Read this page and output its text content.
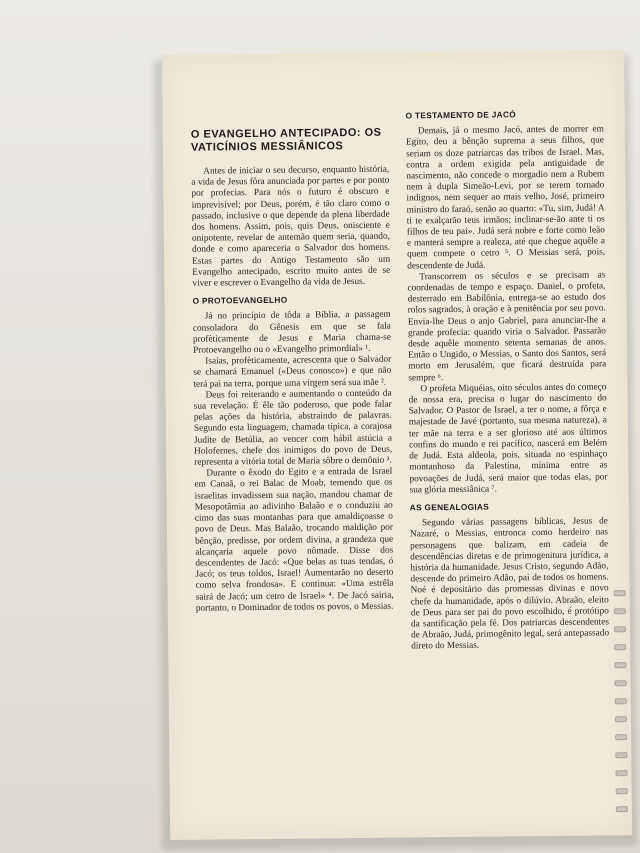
O EVANGELHO ANTECIPADO: OS VATICÍNIOS MESSIÂNICOS

Antes de iniciar o seu decurso, enquanto história, a vida de Jesus fôra anunciada por partes e por ponto por profecias. Para nós o futuro é obscuro e imprevisível; por Deus, porém, é tão claro como o passado, inclusive o que depende da plena liberdade dos homens. Assim, pois, quis Deus, onisciente e onipotente, revelar de antemão quem seria, quando, donde e como apareceria o Salvador dos homens. Estas partes do Antigo Testamento são um Evangelho antecipado, escrito muito antes de se viver e escrever o Evangelho da vida de Jesus.

O PROTOEVANGELHO

Já no princípio de tôda a Bíblia, a passagem consoladora do Gênesis em que se fala profèticamente de Jesus e Maria chama-se Protoevangelho ou o «Evangelho primordial» ¹.

Isaías, profèticamente, acrescenta que o Salvador se chamará Emanuel («Deus conosco») e que não terá pai na terra, porque uma virgem será sua mãe ².

Deus foi reiterando e aumentando o conteúdo da sua revelação. É êle tão poderoso, que pode falar pelas ações da história, abstraindo de palavras. Segundo esta linguagem, chamada típica, a corajosa Judite de Betúlia, ao vencer com hábil astúcia a Holofernes, chefe dos inimigos do povo de Deus, representa a vitória total de Maria sôbre o demônio ³.

Durante o êxodo do Egito e a entrada de Israel em Canaã, o rei Balac de Moab, temendo que os israelitas invadissem sua nação, mandou chamar de Mesopotâmia ao adivinho Balaão e o conduziu ao cimo das suas montanhas para que amaldiçoasse o povo de Deus. Mas Balaão, trocando maldição por bênção, predisse, por ordem divina, a grandeza que alcançaria aquele povo nômade. Disse dos descendentes de Jacó: «Que belas as tuas tendas, ó Jacó; os teus toldos, Israel! Aumentarão no deserto como selva frondosa». E continua: «Uma estrêla sairá de Jacó; um cetro de Israel» ⁴. De Jacó sairia, portanto, o Dominador de todos os povos, o Messias.

O TESTAMENTO DE JACÓ

Demais, já o mesmo Jacó, antes de morrer em Egito, deu a bênção suprema a seus filhos, que seriam os doze patriarcas das tribos de Israel. Mas, contra a ordem exigida pela antiguidade de nascimento, não concede o morgadio nem a Rubem nem à dupla Simeão-Levi, por se terem tornado indignos, nem sequer ao mais velho, José, primeiro ministro do faraó, senão ao quarto: «Tu, sim, Judá! A ti te exalçarão teus irmãos; inclinar-se-ão ante ti os filhos de teu pai». Judá será nobre e forte como leão e manterá sempre a realeza, até que chegue aquêle a quem compete o cetro ⁵. O Messias será, pois, descendente de Judá.

Transcorrem os séculos e se precisam as coordenadas de tempo e espaço. Daniel, o profeta, desterrado em Babilônia, entrega-se ao estudo dos rolos sagrados, à oração e à penitência por seu povo. Envia-lhe Deus o anjo Gabriel, para anunciar-lhe a grande profecia: quando viria o Salvador. Passarão desde aquêle momento setenta semanas de anos. Então o Ungido, o Messias, o Santo dos Santos, será morto em Jerusalém, que ficará destruída para sempre ⁶.

O profeta Miquéias, oito séculos antes do começo de nossa era, precisa o lugar do nascimento do Salvador. O Pastor de Israel, a ter o nome, a fôrça e majestade de Javé (portanto, sua mesma natureza), a ter mãe na terra e a ser glorioso até aos últimos confins do mundo e rei pacífico, nascerá em Belém de Judá. Esta aldeola, pois, situada no espinhaço montanhoso da Palestina, mínima entre as povoações de Judá, será maior que todas elas, por sua glória messiânica ⁷.

AS GENEALOGIAS

Segundo várias passagens bíblicas, Jesus de Nazaré, o Messias, entronca como herdeiro nas personagens que balizam, em cadeia de descendências diretas e de primogenitura jurídica, a história da humanidade. Jesus Cristo, segundo Adão, descende do primeiro Adão, pai de todos os homens. Noé é depositário das promessas divinas e novo chefe da humanidade, após o dilúvio. Abraão, eleito de Deus para ser pai do povo escolhido, é protótipo da santificação pela fé. Dos patriarcas descendentes de Abraão, Judá, primogênito legal, será antepassado direto do Messias.
